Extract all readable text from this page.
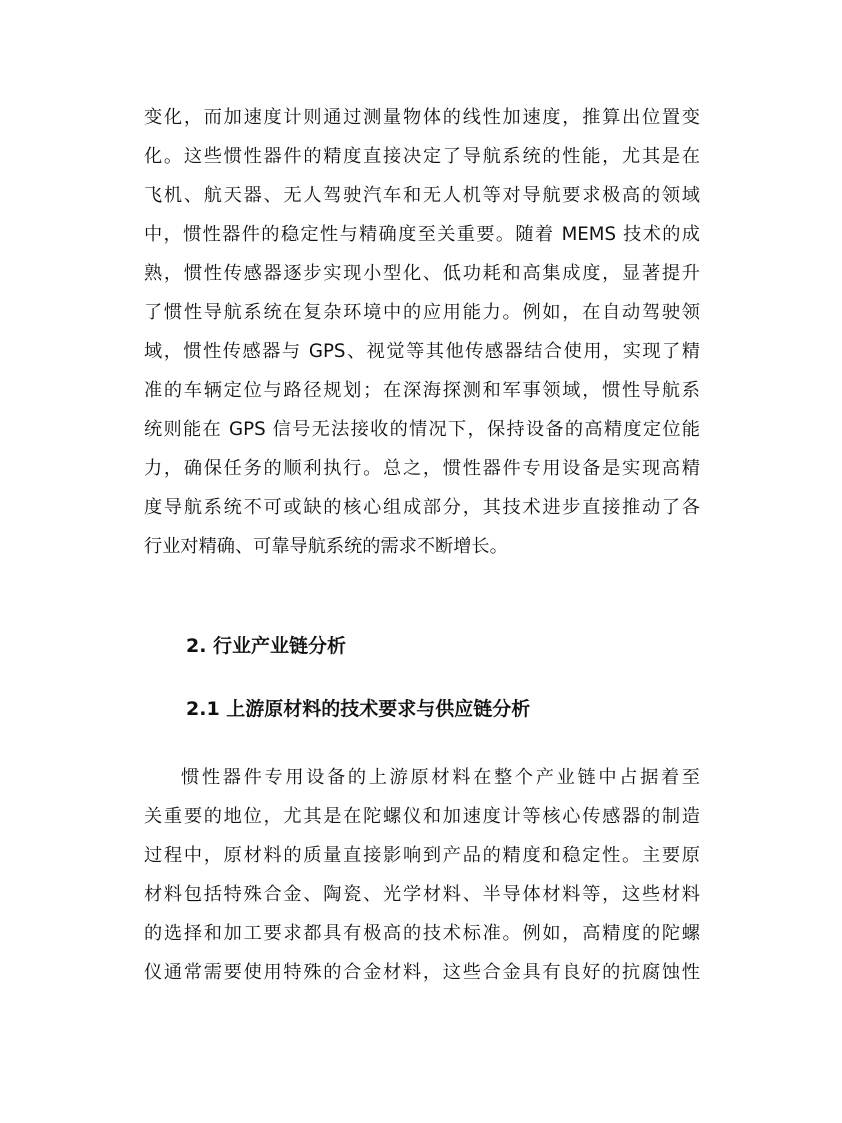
变化，而加速度计则通过测量物体的线性加速度，推算出位置变
化。这些惯性器件的精度直接决定了导航系统的性能，尤其是在
飞机、航天器、无人驾驶汽车和无人机等对导航要求极高的领域
中，惯性器件的稳定性与精确度至关重要。随着 MEMS 技术的成
熟，惯性传感器逐步实现小型化、低功耗和高集成度，显著提升
了惯性导航系统在复杂环境中的应用能力。例如，在自动驾驶领
域，惯性传感器与 GPS、视觉等其他传感器结合使用，实现了精
准的车辆定位与路径规划；在深海探测和军事领域，惯性导航系
统则能在 GPS 信号无法接收的情况下，保持设备的高精度定位能
力，确保任务的顺利执行。总之，惯性器件专用设备是实现高精
度导航系统不可或缺的核心组成部分，其技术进步直接推动了各
行业对精确、可靠导航系统的需求不断增长。
2. 行业产业链分析
2.1 上游原材料的技术要求与供应链分析
惯性器件专用设备的上游原材料在整个产业链中占据着至
关重要的地位，尤其是在陀螺仪和加速度计等核心传感器的制造
过程中，原材料的质量直接影响到产品的精度和稳定性。主要原
材料包括特殊合金、陶瓷、光学材料、半导体材料等，这些材料
的选择和加工要求都具有极高的技术标准。例如，高精度的陀螺
仪通常需要使用特殊的合金材料，这些合金具有良好的抗腐蚀性
